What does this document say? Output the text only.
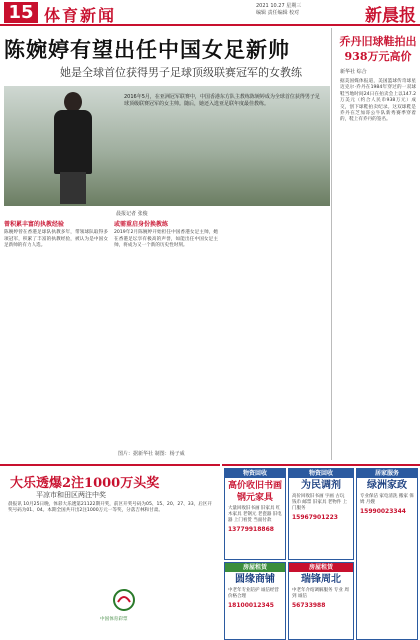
15 体育新闻	2021 10.27 星期三
编辑 责任编辑 校对	新晨报
陈婉婷有望出任中国女足新帅
她是全球首位获得男子足球顶级联赛冠军的女教练
2016年5月，在亚洲冠军联赛中，中国香港东方队主教练陈婉婷成为全球首位获得男子足球顶级联赛冠军的女主帅。随后，她还入选亚足联年度最佳教练。
晨报记者 张俊
曾积累丰富的执教经验

陈婉婷曾在香港足球队执教多年，带领球队取得多项冠军，积累了丰富的执教经验，被认为是中国女足新帅的有力人选。

或需重启身份换教练

2019年2月陈婉婷开始担任中国香港女足主帅，她在香港足坛享有极高的声誉，如能出任中国女足主帅，将成为又一个新的历史性时刻。

图片：据新华社 制图：杨子威
乔丹旧球鞋拍出938万元高价
新华社 综合
据美国媒体报道，美国篮球传奇球星迈克尔·乔丹在1984年穿过的一双球鞋当地时间24日在拍卖会上以147.2万美元（约合人民币938万元）成交，创下球鞋拍卖纪录。这双球鞋是乔丹在芝加哥公牛队新秀赛季穿着的，鞋上有乔丹的签名。
大乐透爆2注1000万头奖
平凉市和田区两注中奖
晨报讯 10月25日晚，体彩大乐透第21122期开奖，前区开奖号码为05、15、20、27、33，后区开奖号码为01、04。本期全国共开出2注1000万元一等奖，分落吉林和甘肃。
中国体育彩票
物资回收
高价收旧书画钢元家具
大量回收旧书画 旧家具 红木家具 老钢元 老瓷器 旧电器 上门看货 当面付款
13779918868
物资回收
为民调剂
高价回收旧书画 字画 古玩 钱币 邮票 旧家具 老物件 上门服务
15967901223
居家服务
绿洲家政
专业保洁 家电清洗 搬家 保姆 月嫂
15990023344
房屋租赁
圆缘商铺
中老年专业陪护 诚信经营 价格合理
18100012345
房屋租赁
瑞锋周北
中老年介绍调解服务 专业 周到 诚信
56733988
